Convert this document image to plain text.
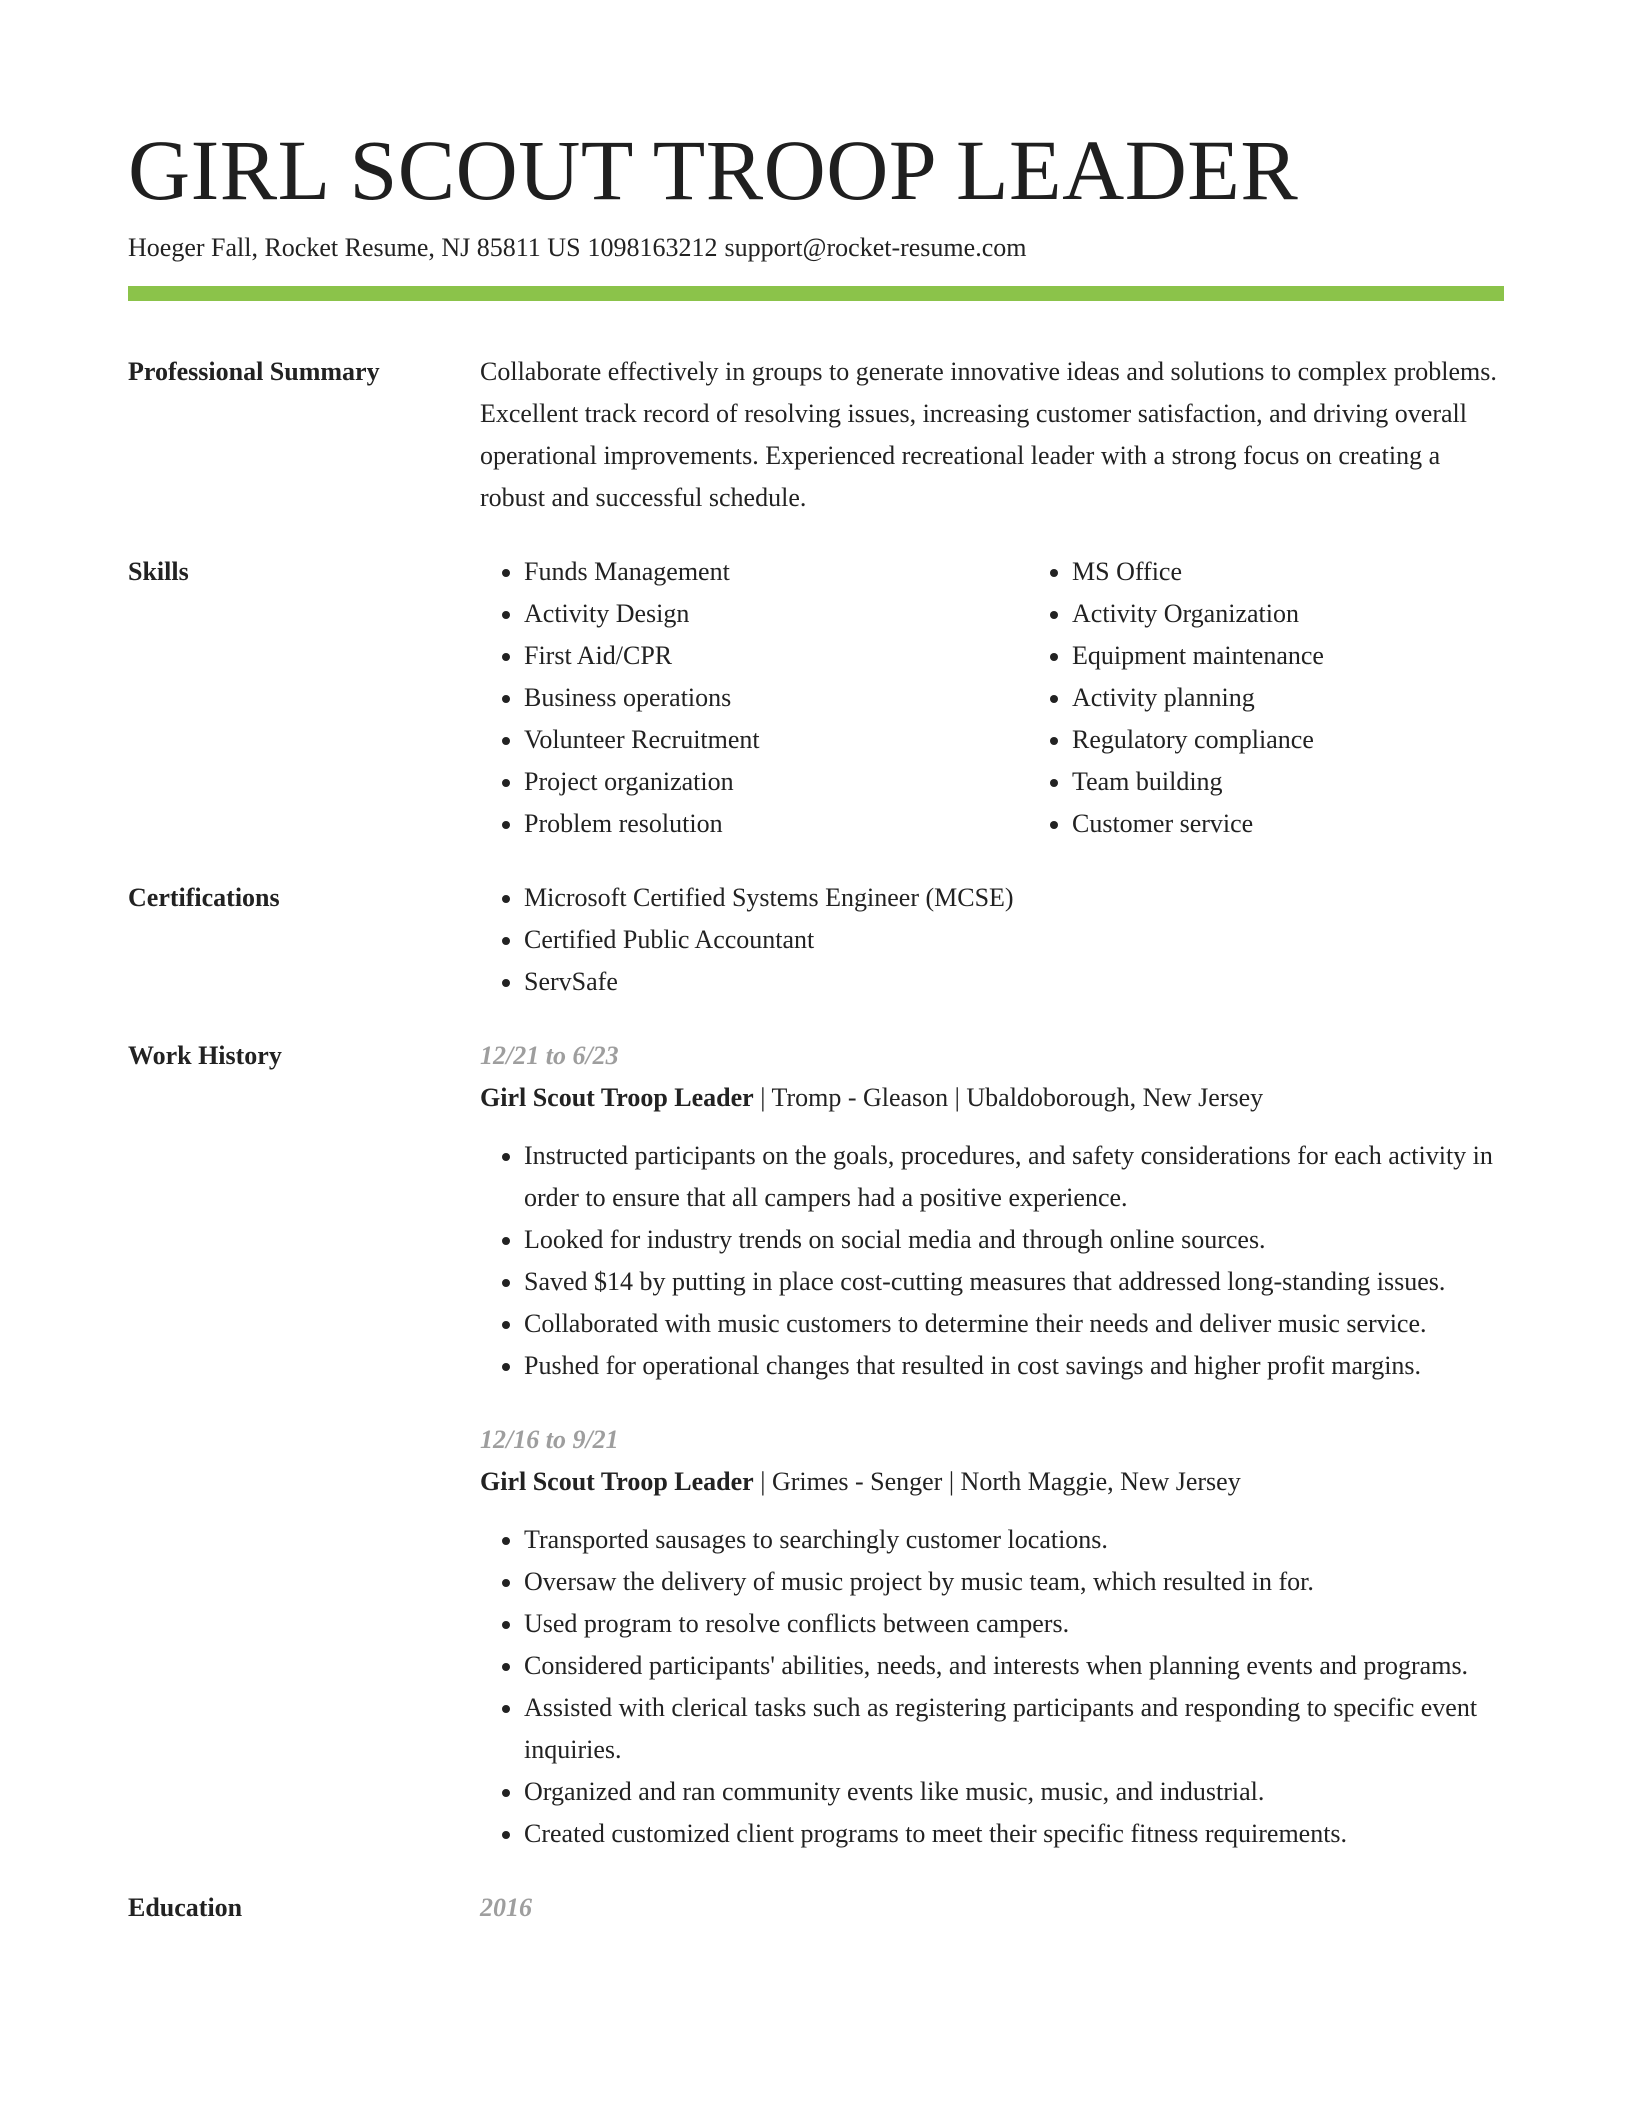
GIRL SCOUT TROOP LEADER
Hoeger Fall, Rocket Resume, NJ 85811 US 1098163212 support@rocket-resume.com
Professional Summary	Collaborate effectively in groups to generate innovative ideas and solutions to complex problems. Excellent track record of resolving issues, increasing customer satisfaction, and driving overall operational improvements. Experienced recreational leader with a strong focus on creating a robust and successful schedule.
Skills	• Funds Management
• Activity Design
• First Aid/CPR
• Business operations
• Volunteer Recruitment
• Project organization
• Problem resolution
• MS Office
• Activity Organization
• Equipment maintenance
• Activity planning
• Regulatory compliance
• Team building
• Customer service
Certifications	• Microsoft Certified Systems Engineer (MCSE)
• Certified Public Accountant
• ServSafe
Work History	12/21 to 6/23
Girl Scout Troop Leader | Tromp - Gleason | Ubaldoborough, New Jersey
• Instructed participants on the goals, procedures, and safety considerations for each activity in order to ensure that all campers had a positive experience.
• Looked for industry trends on social media and through online sources.
• Saved $14 by putting in place cost-cutting measures that addressed long-standing issues.
• Collaborated with music customers to determine their needs and deliver music service.
• Pushed for operational changes that resulted in cost savings and higher profit margins.
12/16 to 9/21
Girl Scout Troop Leader | Grimes - Senger | North Maggie, New Jersey
• Transported sausages to searchingly customer locations.
• Oversaw the delivery of music project by music team, which resulted in for.
• Used program to resolve conflicts between campers.
• Considered participants' abilities, needs, and interests when planning events and programs.
• Assisted with clerical tasks such as registering participants and responding to specific event inquiries.
• Organized and ran community events like music, music, and industrial.
• Created customized client programs to meet their specific fitness requirements.
Education	2016
